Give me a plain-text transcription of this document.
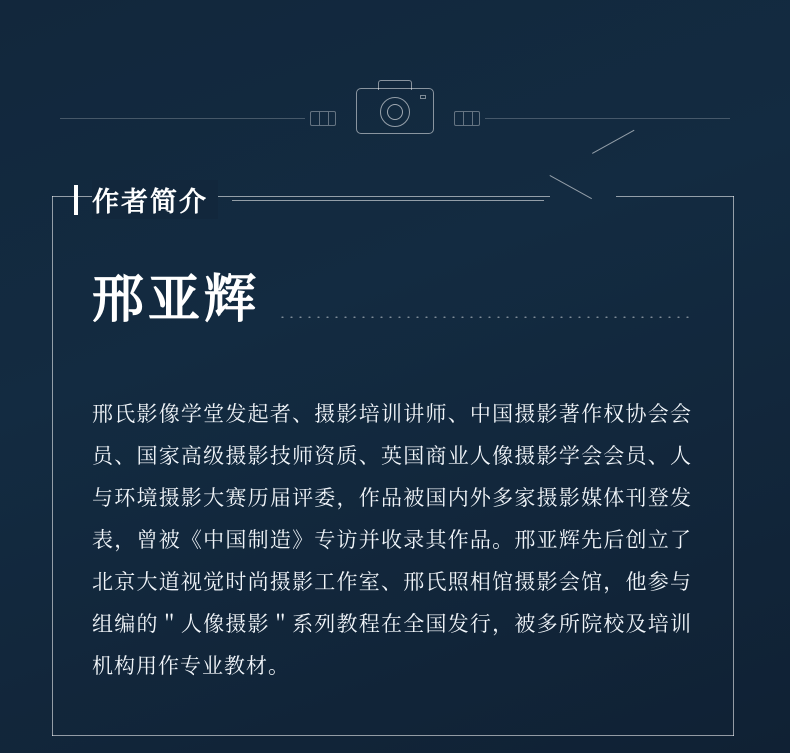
作者简介
邢亚辉
邢氏影像学堂发起者、摄影培训讲师、中国摄影著作权协会会员、国家高级摄影技师资质、英国商业人像摄影学会会员、人与环境摄影大赛历届评委，作品被国内外多家摄影媒体刊登发表，曾被《中国制造》专访并收录其作品。邢亚辉先后创立了北京大道视觉时尚摄影工作室、邢氏照相馆摄影会馆，他参与组编的＂人像摄影＂系列教程在全国发行，被多所院校及培训机构用作专业教材。
